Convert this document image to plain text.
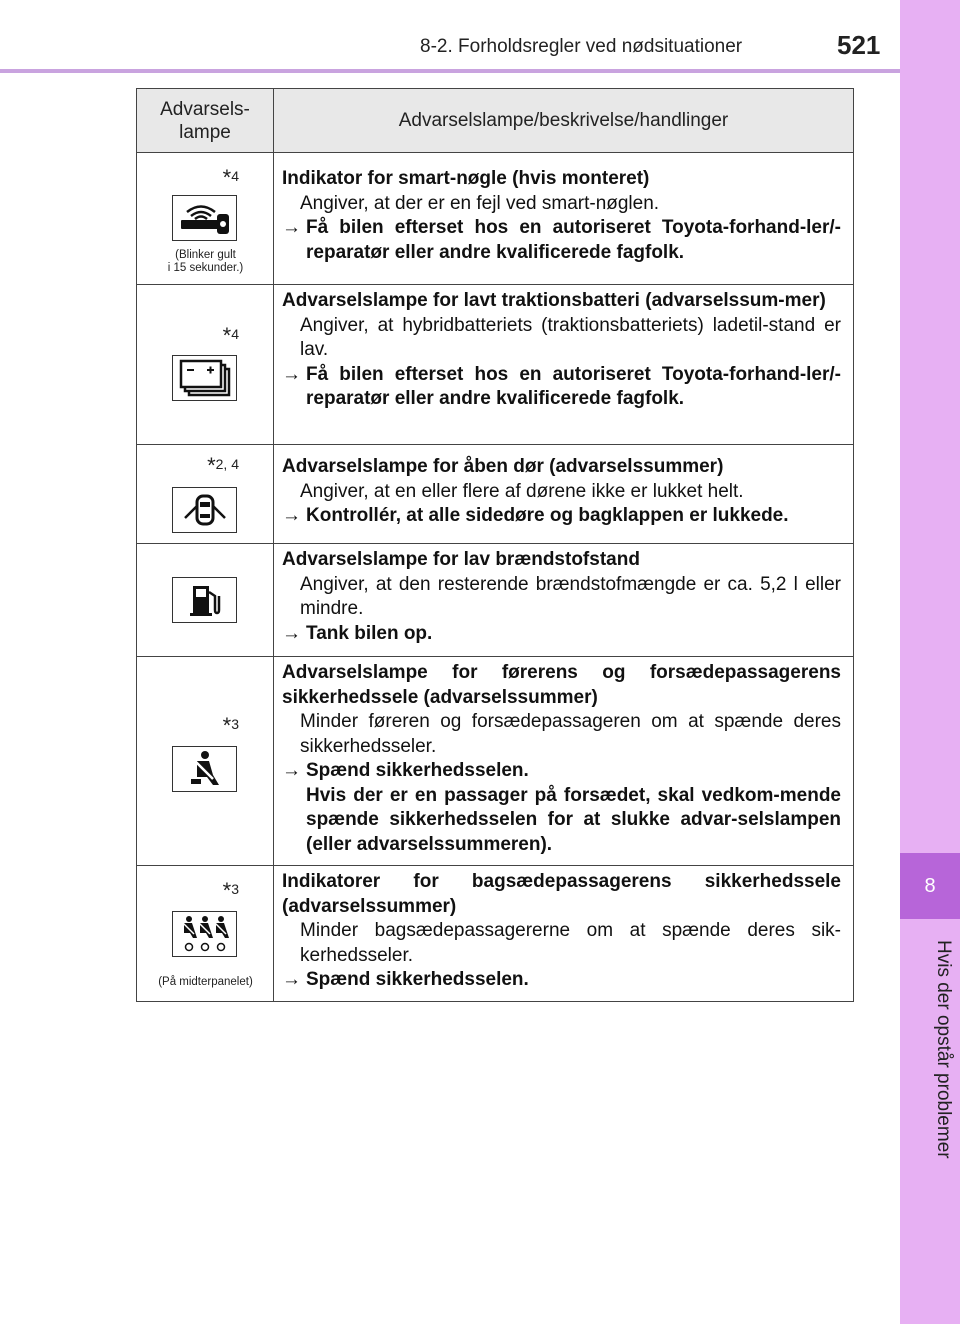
8
Hvis der opstår problemer
8-2. Forholdsregler ved nødsituationer	521
Advarsels-
lampe
Advarselslampe/beskrivelse/handlinger
*4
(Blinker gult
i 15 sekunder.)
Indikator for smart-nøgle (hvis monteret)
Angiver, at der er en fejl ved smart-nøglen.
→ Få bilen efterset hos en autoriseret Toyota-forhand-ler/-reparatør eller andre kvalificerede fagfolk.
*4
Advarselslampe for lavt traktionsbatteri (advarselssum-mer)
Angiver, at hybridbatteriets (traktionsbatteriets) ladetil-stand er lav.
→ Få bilen efterset hos en autoriseret Toyota-forhand-ler/-reparatør eller andre kvalificerede fagfolk.
*2, 4 Advarselslampe for åben dør (advarselssummer)
Angiver, at en eller flere af dørene ikke er lukket helt.
→ Kontrollér, at alle sidedøre og bagklappen er lukkede.
Advarselslampe for lav brændstofstand
Angiver, at den resterende brændstofmængde er ca. 5,2 l eller mindre.
→ Tank bilen op.
*3
Advarselslampe for førerens og forsædepassagerens sikkerhedssele (advarselssummer)
Minder føreren og forsædepassageren om at spænde deres sikkerhedsseler.
→ Spænd sikkerhedsselen.
Hvis der er en passager på forsædet, skal vedkom-mende spænde sikkerhedsselen for at slukke advar-selslampen (eller advarselssummeren).
*3
(På midterpanelet)
Indikatorer for bagsædepassagerens sikkerhedssele (advarselssummer)
Minder bagsædepassagererne om at spænde deres sik-kerhedsseler.
→ Spænd sikkerhedsselen.
